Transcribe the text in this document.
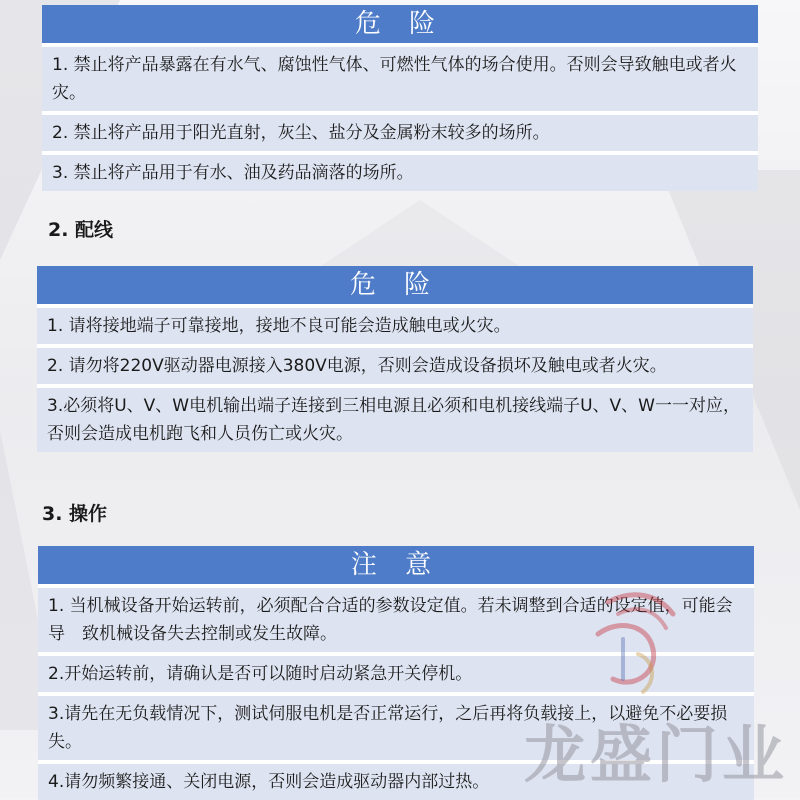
危 险
1. 禁止将产品暴露在有水气、腐蚀性气体、可燃性气体的场合使用。否则会导致触电或者火灾。
2. 禁止将产品用于阳光直射，灰尘、盐分及金属粉末较多的场所。
3. 禁止将产品用于有水、油及药品滴落的场所。
2. 配线
危 险
1. 请将接地端子可靠接地，接地不良可能会造成触电或火灾。
2. 请勿将220V驱动器电源接入380V电源，否则会造成设备损坏及触电或者火灾。
3.必须将U、V、W电机输出端子连接到三相电源且必须和电机接线端子U、V、W一一对应， 否则会造成电机跑飞和人员伤亡或火灾。
3. 操作
注 意
1. 当机械设备开始运转前，必须配合合适的参数设定值。若未调整到合适的设定值，可能会导　致机械设备失去控制或发生故障。
2.开始运转前，请确认是否可以随时启动紧急开关停机。
3.请先在无负载情况下，测试伺服电机是否正常运行，之后再将负载接上，以避免不必要损失。
4.请勿频繁接通、关闭电源，否则会造成驱动器内部过热。 龙盛门业
